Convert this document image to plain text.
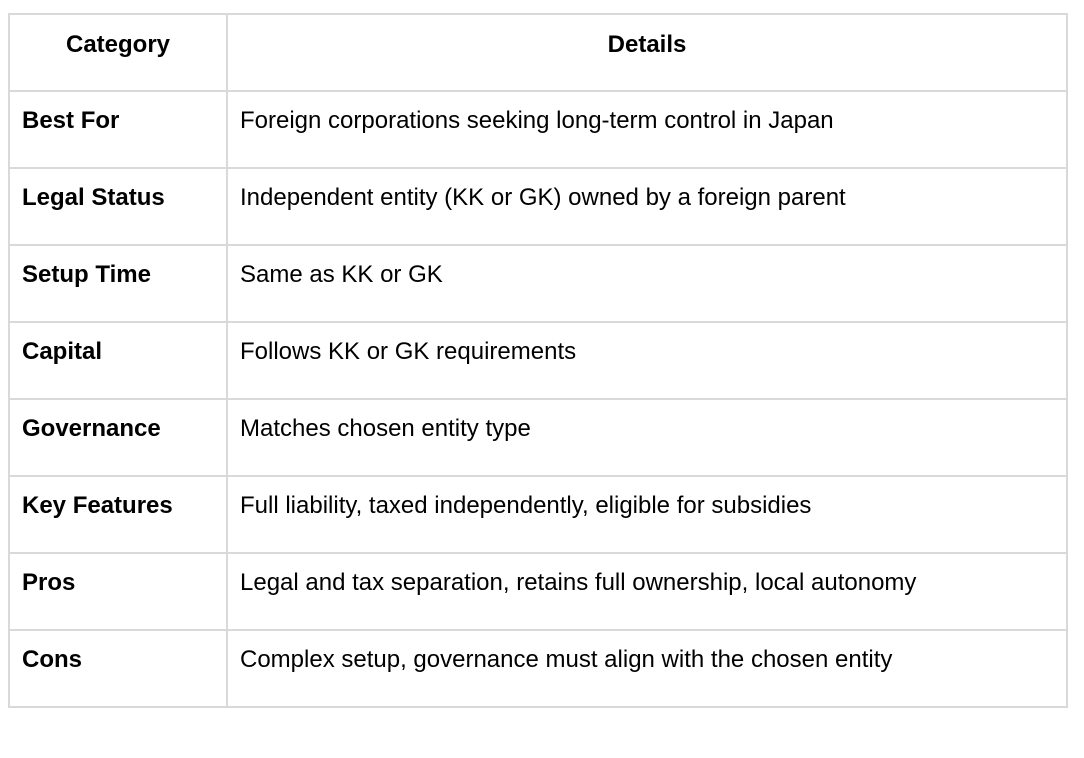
Category	Details
Best For	Foreign corporations seeking long-term control in Japan
Legal Status	Independent entity (KK or GK) owned by a foreign parent
Setup Time	Same as KK or GK
Capital	Follows KK or GK requirements
Governance	Matches chosen entity type
Key Features	Full liability, taxed independently, eligible for subsidies
Pros	Legal and tax separation, retains full ownership, local autonomy
Cons	Complex setup, governance must align with the chosen entity
